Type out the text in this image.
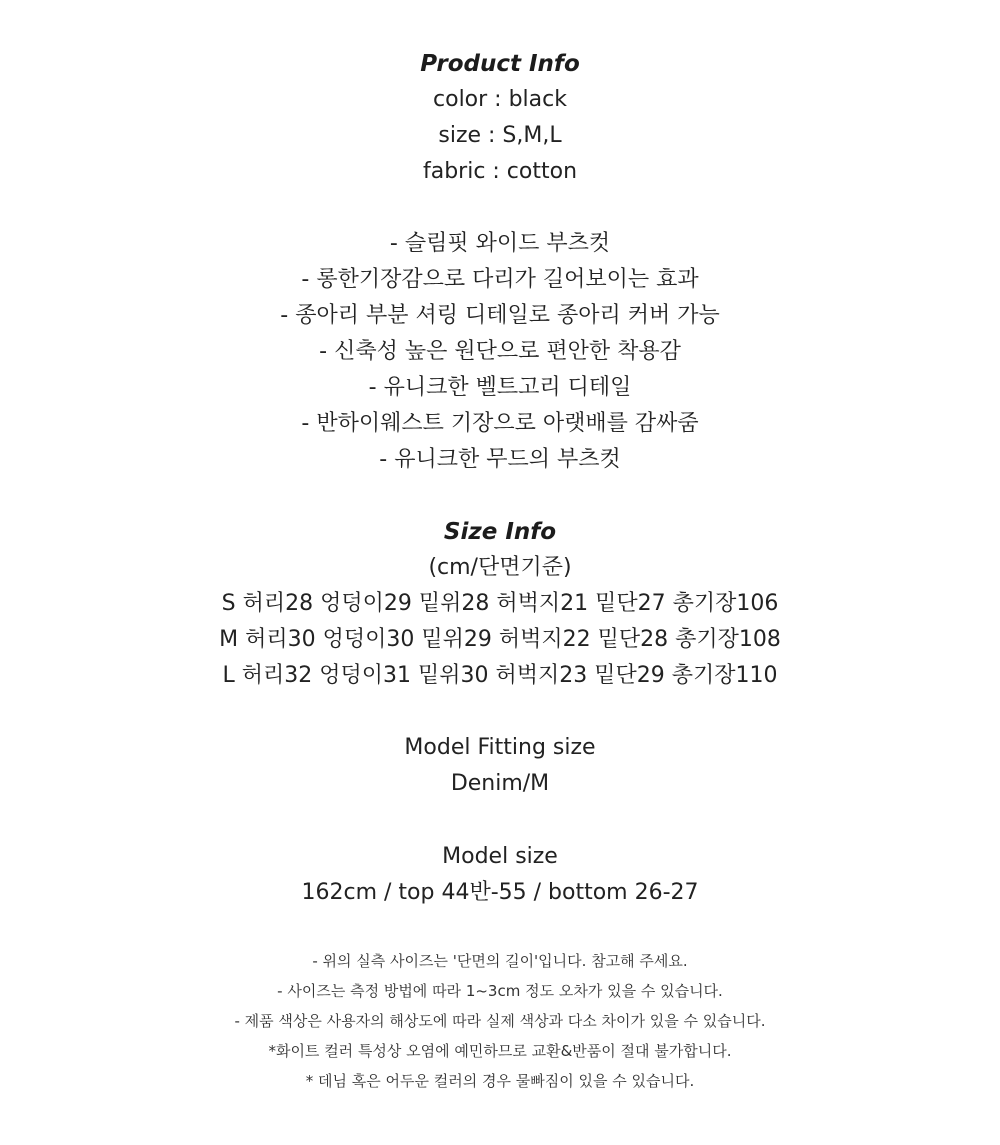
Product Info
color : black
size : S,M,L
fabric : cotton
- 슬림핏 와이드 부츠컷
- 롱한기장감으로 다리가 길어보이는 효과
- 종아리 부분 셔링 디테일로 종아리 커버 가능
- 신축성 높은 원단으로 편안한 착용감
- 유니크한 벨트고리 디테일
- 반하이웨스트 기장으로 아랫배를 감싸줌
- 유니크한 무드의 부츠컷
Size Info
(cm/단면기준)
S 허리28 엉덩이29 밑위28 허벅지21 밑단27 총기장106
M 허리30 엉덩이30 밑위29 허벅지22 밑단28 총기장108
L 허리32 엉덩이31 밑위30 허벅지23 밑단29 총기장110
Model Fitting size
Denim/M
Model size
162cm / top 44반-55 / bottom 26-27
- 위의 실측 사이즈는 '단면의 길이'입니다. 참고해 주세요.
- 사이즈는 측정 방법에 따라 1~3cm 정도 오차가 있을 수 있습니다.
- 제품 색상은 사용자의 해상도에 따라 실제 색상과 다소 차이가 있을 수 있습니다.
*화이트 컬러 특성상 오염에 예민하므로 교환&반품이 절대 불가합니다.
* 데님 혹은 어두운 컬러의 경우 물빠짐이 있을 수 있습니다.
